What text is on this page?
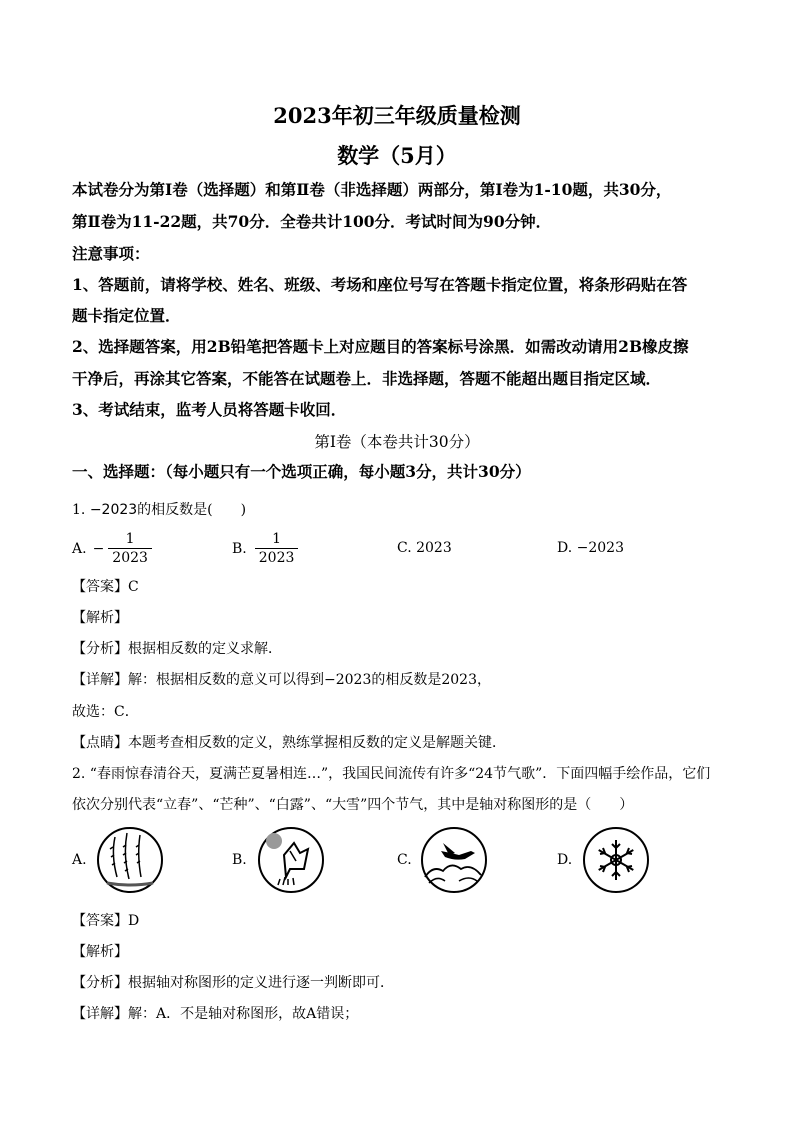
2023年初三年级质量检测
数学（5月）
本试卷分为第Ⅰ卷（选择题）和第Ⅱ卷（非选择题）两部分，第Ⅰ卷为1-10题，共30分，
第Ⅱ卷为11-22题，共70分．全卷共计100分．考试时间为90分钟．
注意事项：
1、答题前，请将学校、姓名、班级、考场和座位号写在答题卡指定位置，将条形码贴在答
题卡指定位置．
2、选择题答案，用2B铅笔把答题卡上对应题目的答案标号涂黑．如需改动请用2B橡皮擦
干净后，再涂其它答案，不能答在试题卷上．非选择题，答题不能超出题目指定区域．
3、考试结束，监考人员将答题卡收回．
第Ⅰ卷（本卷共计30分）
一、选择题：（每小题只有一个选项正确，每小题3分，共计30分）
1. −2023的相反数是(　　)
A. − $\frac{1}{2023}$	B. $\frac{1}{2023}$	C. 2023	D. −2023
【答案】C
【解析】
【分析】根据相反数的定义求解．
【详解】解：根据相反数的意义可以得到−2023的相反数是2023，
故选：C．
【点睛】本题考查相反数的定义，熟练掌握相反数的定义是解题关键．
2. “春雨惊春清谷天，夏满芒夏暑相连…”，我国民间流传有许多“24节气歌”．下面四幅手绘作品，它们
依次分别代表“立春”、“芒种”、“白露”、“大雪”四个节气，其中是轴对称图形的是（　　）
A.	B.	C.	D.
【答案】D
【解析】
【分析】根据轴对称图形的定义进行逐一判断即可．
【详解】解：A．不是轴对称图形，故A错误；
